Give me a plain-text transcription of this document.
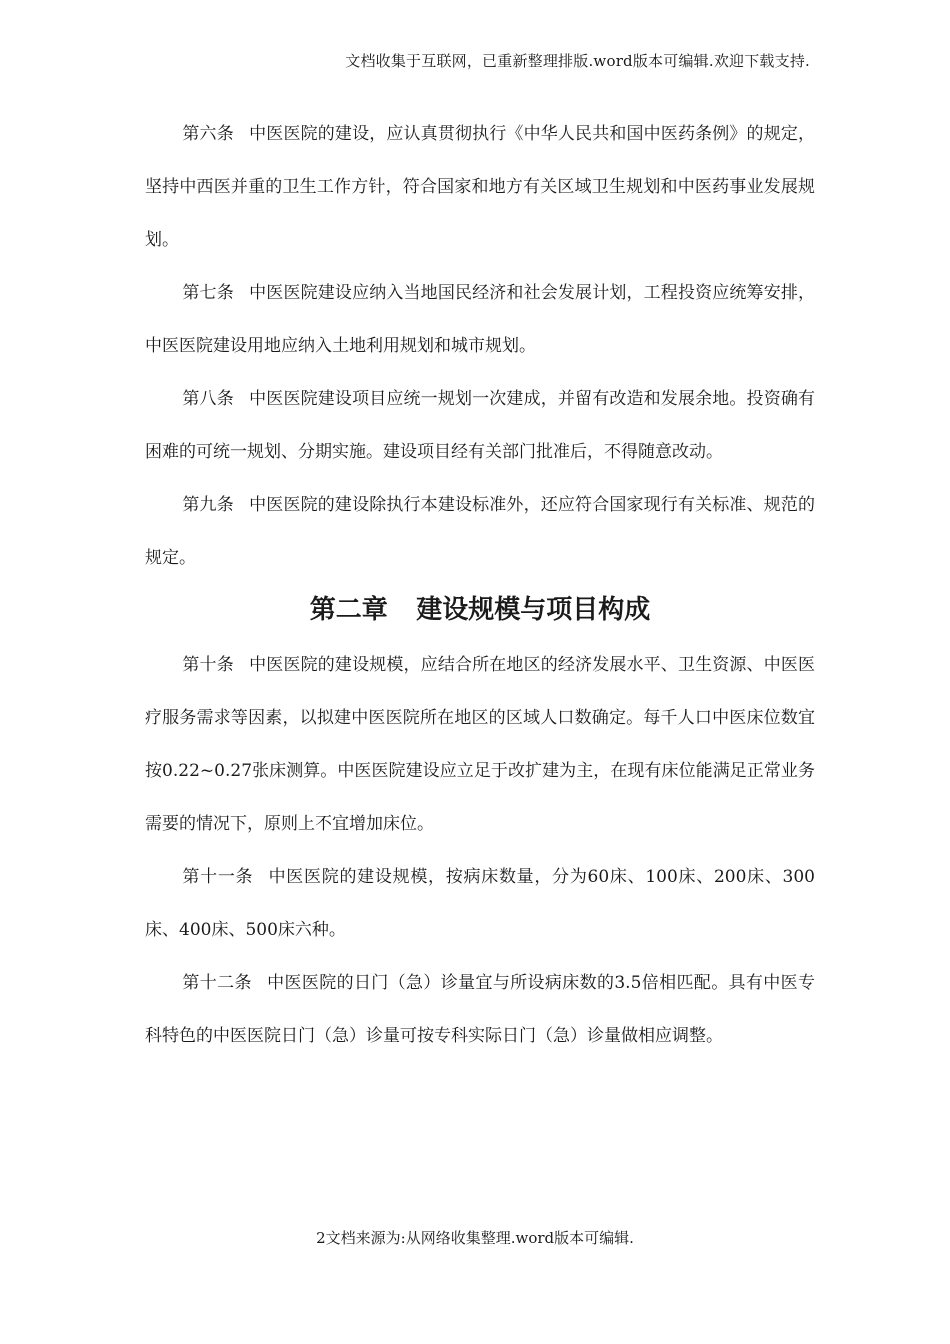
文档收集于互联网，已重新整理排版.word版本可编辑.欢迎下载支持.

第六条 中医医院的建设，应认真贯彻执行《中华人民共和国中医药条例》的规定，坚持中西医并重的卫生工作方针，符合国家和地方有关区域卫生规划和中医药事业发展规划。

第七条 中医医院建设应纳入当地国民经济和社会发展计划，工程投资应统筹安排，中医医院建设用地应纳入土地利用规划和城市规划。

第八条 中医医院建设项目应统一规划一次建成，并留有改造和发展余地。投资确有困难的可统一规划、分期实施。建设项目经有关部门批准后，不得随意改动。

第九条 中医医院的建设除执行本建设标准外，还应符合国家现行有关标准、规范的规定。

第二章 建设规模与项目构成

第十条 中医医院的建设规模，应结合所在地区的经济发展水平、卫生资源、中医医疗服务需求等因素，以拟建中医医院所在地区的区域人口数确定。每千人口中医床位数宜按0.22~0.27张床测算。中医医院建设应立足于改扩建为主，在现有床位能满足正常业务需要的情况下，原则上不宜增加床位。

第十一条 中医医院的建设规模，按病床数量，分为60床、100床、200床、300床、400床、500床六种。

第十二条 中医医院的日门（急）诊量宜与所设病床数的3.5倍相匹配。具有中医专科特色的中医医院日门（急）诊量可按专科实际日门（急）诊量做相应调整。

2文档来源为:从网络收集整理.word版本可编辑.
